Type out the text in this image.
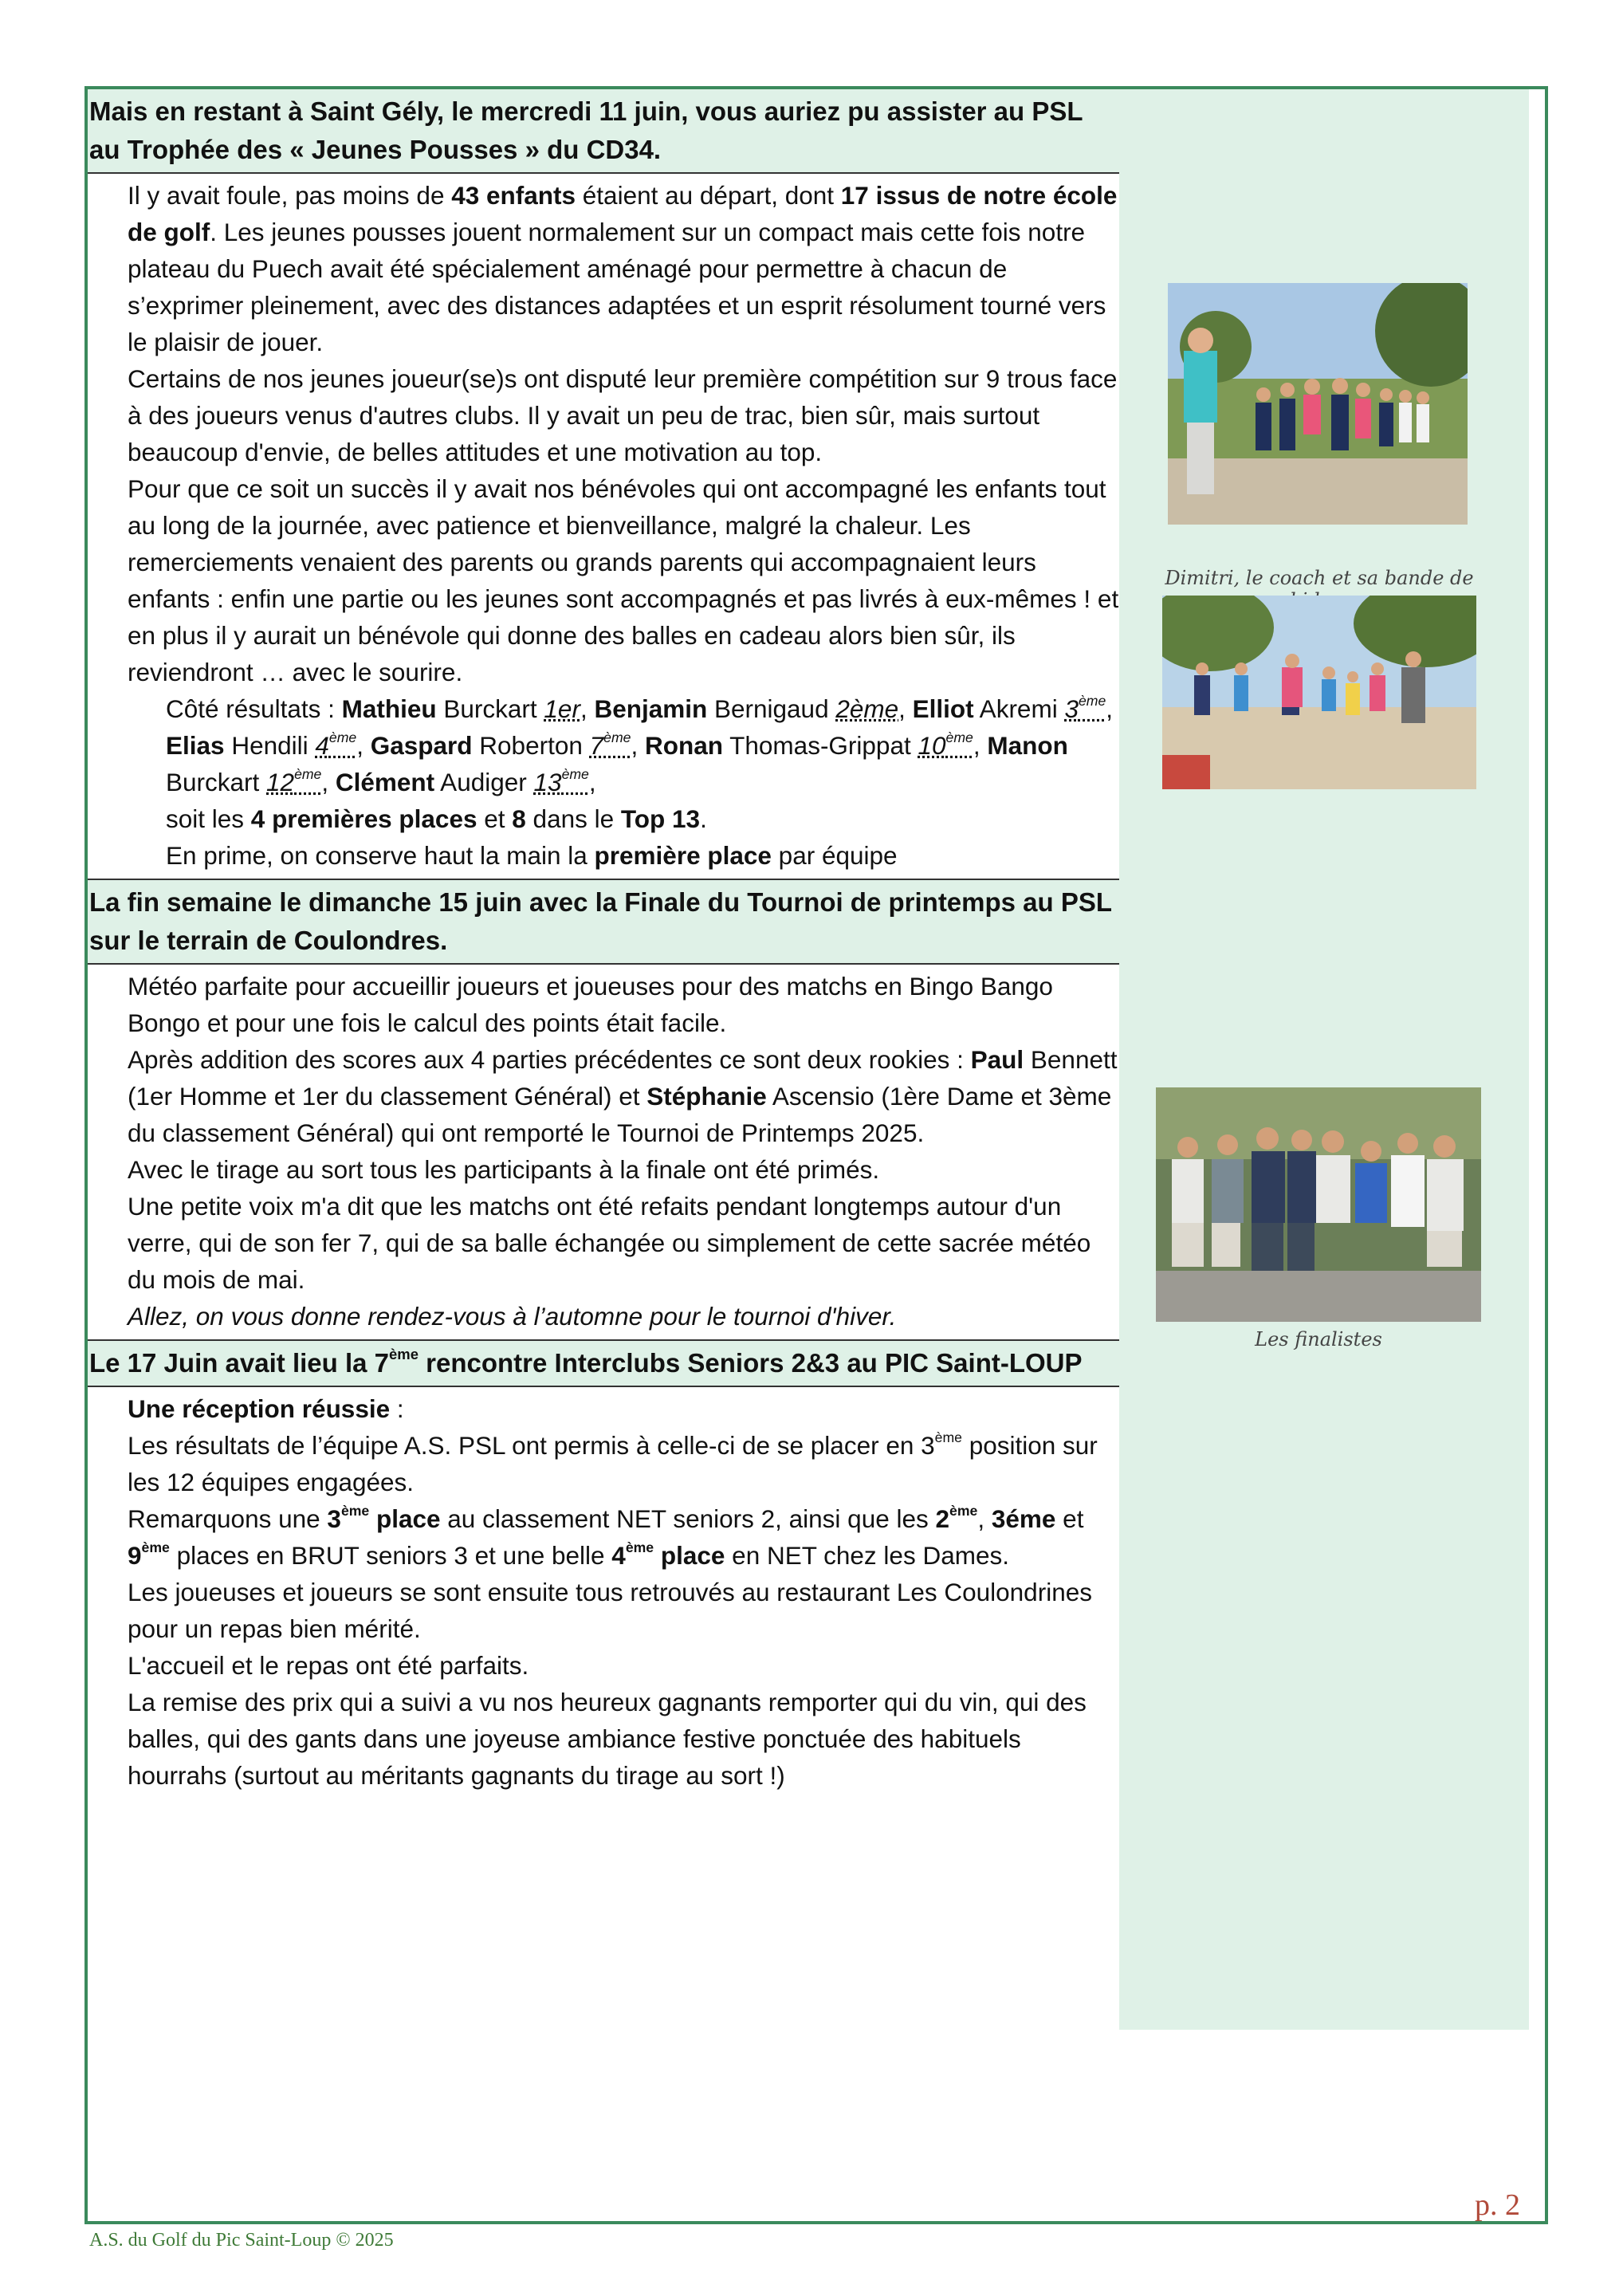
Mais en restant à Saint Gély, le mercredi 11 juin, vous auriez pu assister au PSL au Trophée des « Jeunes Pousses » du CD34.
Il y avait foule, pas moins de 43 enfants étaient au départ, dont 17 issus de notre école de golf. Les jeunes pousses jouent normalement sur un compact mais cette fois notre plateau du Puech avait été spécialement aménagé pour permettre à chacun de s’exprimer pleinement, avec des distances adaptées et un esprit résolument tourné vers le plaisir de jouer.
Certains de nos jeunes joueur(se)s ont disputé leur première compétition sur 9 trous face à des joueurs venus d'autres clubs. Il y avait un peu de trac, bien sûr, mais surtout beaucoup d'envie, de belles attitudes et une motivation au top.
Pour que ce soit un succès il y avait nos bénévoles qui ont accompagné les enfants tout au long de la journée, avec patience et bienveillance, malgré la chaleur. Les remerciements venaient des parents ou grands parents qui accompagnaient leurs enfants : enfin une partie ou les jeunes sont accompagnés et pas livrés à eux-mêmes ! et en plus il y aurait un bénévole qui donne des balles en cadeau alors bien sûr, ils reviendront … avec le sourire.
Côté résultats : Mathieu Burckart 1er, Benjamin Bernigaud 2ème, Elliot Akremi 3ème, Elias Hendili 4ème, Gaspard Roberton 7ème, Ronan Thomas-Grippat 10ème, Manon Burckart 12ème, Clément Audiger 13ème,
soit les 4 premières places et 8 dans le Top 13.
En prime, on conserve haut la main la première place par équipe
La fin semaine le dimanche 15 juin avec la Finale du Tournoi de printemps au PSL sur le terrain de Coulondres.
Météo parfaite pour accueillir joueurs et joueuses pour des matchs en Bingo Bango Bongo et pour une fois le calcul des points était facile.
Après addition des scores aux 4 parties précédentes ce sont deux rookies : Paul Bennett (1er Homme et 1er du classement Général) et Stéphanie Ascensio (1ère Dame et 3ème du classement Général) qui ont remporté le Tournoi de Printemps 2025.
Avec le tirage au sort tous les participants à la finale ont été primés.
Une petite voix m'a dit que les matchs ont été refaits pendant longtemps autour d'un verre, qui de son fer 7, qui de sa balle échangée ou simplement de cette sacrée météo du mois de mai.
Allez, on vous donne rendez-vous à l’automne pour le tournoi d'hiver.
Le 17 Juin avait lieu la 7ème rencontre Interclubs Seniors 2&3 au PIC Saint-LOUP
Une réception réussie :
Les résultats de l’équipe A.S. PSL ont permis à celle-ci de se placer en 3ème position sur les 12 équipes engagées.
Remarquons une 3ème place au classement NET seniors 2, ainsi que les 2ème, 3éme et 9ème places en BRUT seniors 3 et une belle 4ème place en NET chez les Dames.
Les joueuses et joueurs se sont ensuite tous retrouvés au restaurant Les Coulondrines pour un repas bien mérité.
L'accueil et le repas ont été parfaits.
La remise des prix qui a suivi a vu nos heureux gagnants remporter qui du vin, qui des balles, qui des gants dans une joyeuse ambiance festive ponctuée des habituels hourrahs (surtout au méritants gagnants du tirage au sort !)
Dimitri, le coach et sa bande de
Les finalistes
p. 2
A.S. du Golf du Pic Saint-Loup © 2025
